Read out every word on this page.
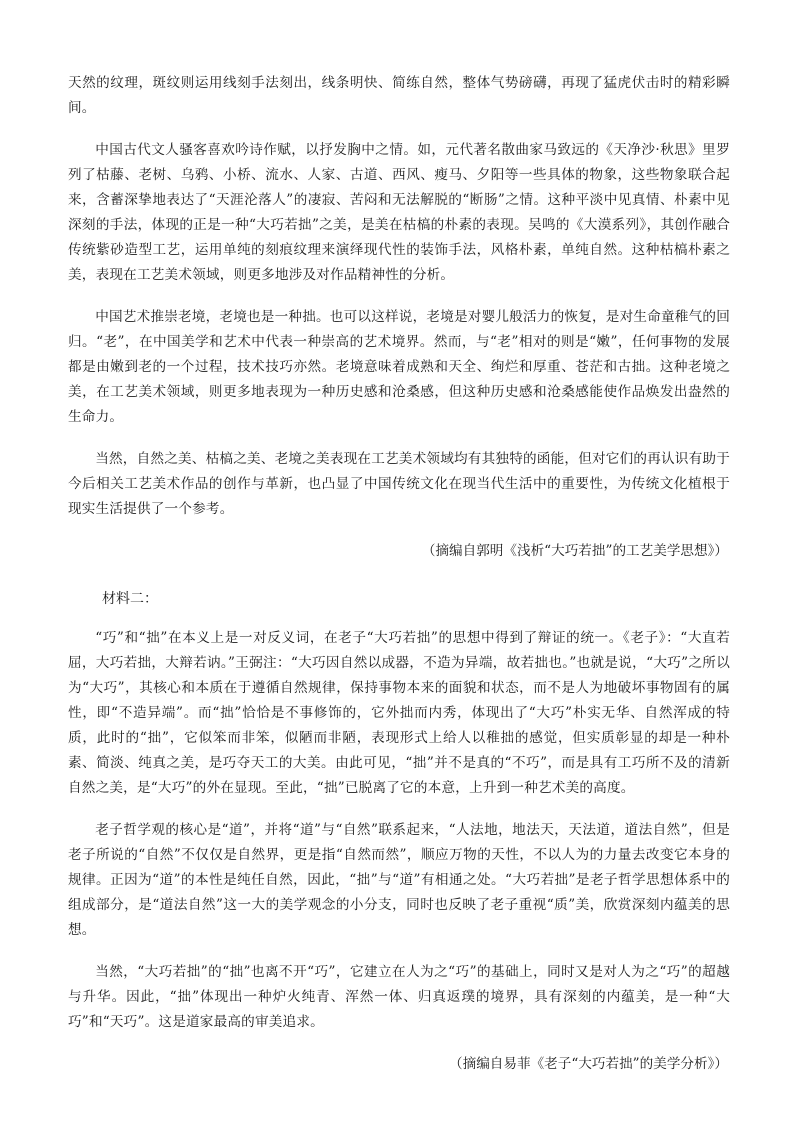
天然的纹理，斑纹则运用线刻手法刻出，线条明快、简练自然，整体气势磅礴，再现了猛虎伏击时的精彩瞬间。

中国古代文人骚客喜欢吟诗作赋，以抒发胸中之情。如，元代著名散曲家马致远的《天净沙·秋思》里罗列了枯藤、老树、乌鸦、小桥、流水、人家、古道、西风、瘦马、夕阳等一些具体的物象，这些物象联合起来，含蓄深挚地表达了“天涯沦落人”的凄寂、苦闷和无法解脱的“断肠”之情。这种平淡中见真情、朴素中见深刻的手法，体现的正是一种“大巧若拙”之美，是美在枯槁的朴素的表现。吴鸣的《大漠系列》，其创作融合传统紫砂造型工艺，运用单纯的刻痕纹理来演绎现代性的装饰手法，风格朴素，单纯自然。这种枯槁朴素之美，表现在工艺美术领域，则更多地涉及对作品精神性的分析。

中国艺术推崇老境，老境也是一种拙。也可以这样说，老境是对婴儿般活力的恢复，是对生命童稚气的回归。“老”，在中国美学和艺术中代表一种崇高的艺术境界。然而，与“老”相对的则是“嫩”，任何事物的发展都是由嫩到老的一个过程，技术技巧亦然。老境意味着成熟和天全、绚烂和厚重、苍茫和古拙。这种老境之美，在工艺美术领域，则更多地表现为一种历史感和沧桑感，但这种历史感和沧桑感能使作品焕发出盎然的生命力。

当然，自然之美、枯槁之美、老境之美表现在工艺美术领域均有其独特的函能，但对它们的再认识有助于今后相关工艺美术作品的创作与革新，也凸显了中国传统文化在现当代生活中的重要性，为传统文化植根于现实生活提供了一个参考。

（摘编自郭明《浅析“大巧若拙”的工艺美学思想》）
材料二：

“巧”和“拙”在本义上是一对反义词，在老子“大巧若拙”的思想中得到了辩证的统一。《老子》：“大直若屈，大巧若拙，大辩若讷。”王弼注：“大巧因自然以成器，不造为异端，故若拙也。”也就是说，“大巧”之所以为“大巧”，其核心和本质在于遵循自然规律，保持事物本来的面貌和状态，而不是人为地破坏事物固有的属性，即“不造异端”。而“拙”恰恰是不事修饰的，它外拙而内秀，体现出了“大巧”朴实无华、自然浑成的特质，此时的“拙”，它似笨而非笨，似陋而非陋，表现形式上给人以稚拙的感觉，但实质彰显的却是一种朴素、简淡、纯真之美，是巧夺天工的大美。由此可见，“拙”并不是真的“不巧”，而是具有工巧所不及的清新自然之美，是“大巧”的外在显现。至此，“拙”已脱离了它的本意，上升到一种艺术美的高度。

老子哲学观的核心是“道”，并将“道”与“自然”联系起来，“人法地，地法天，天法道，道法自然”，但是老子所说的“自然”不仅仅是自然界，更是指“自然而然”，顺应万物的天性，不以人为的力量去改变它本身的规律。正因为“道”的本性是纯任自然，因此，“拙”与“道”有相通之处。“大巧若拙”是老子哲学思想体系中的组成部分，是“道法自然”这一大的美学观念的小分支，同时也反映了老子重视“质”美，欣赏深刻内蕴美的思想。

当然，“大巧若拙”的“拙”也离不开“巧”，它建立在人为之“巧”的基础上，同时又是对人为之“巧”的超越与升华。因此，“拙”体现出一种炉火纯青、浑然一体、归真返璞的境界，具有深刻的内蕴美，是一种“大巧”和“天巧”。这是道家最高的审美追求。

（摘编自易菲《老子“大巧若拙”的美学分析》）
